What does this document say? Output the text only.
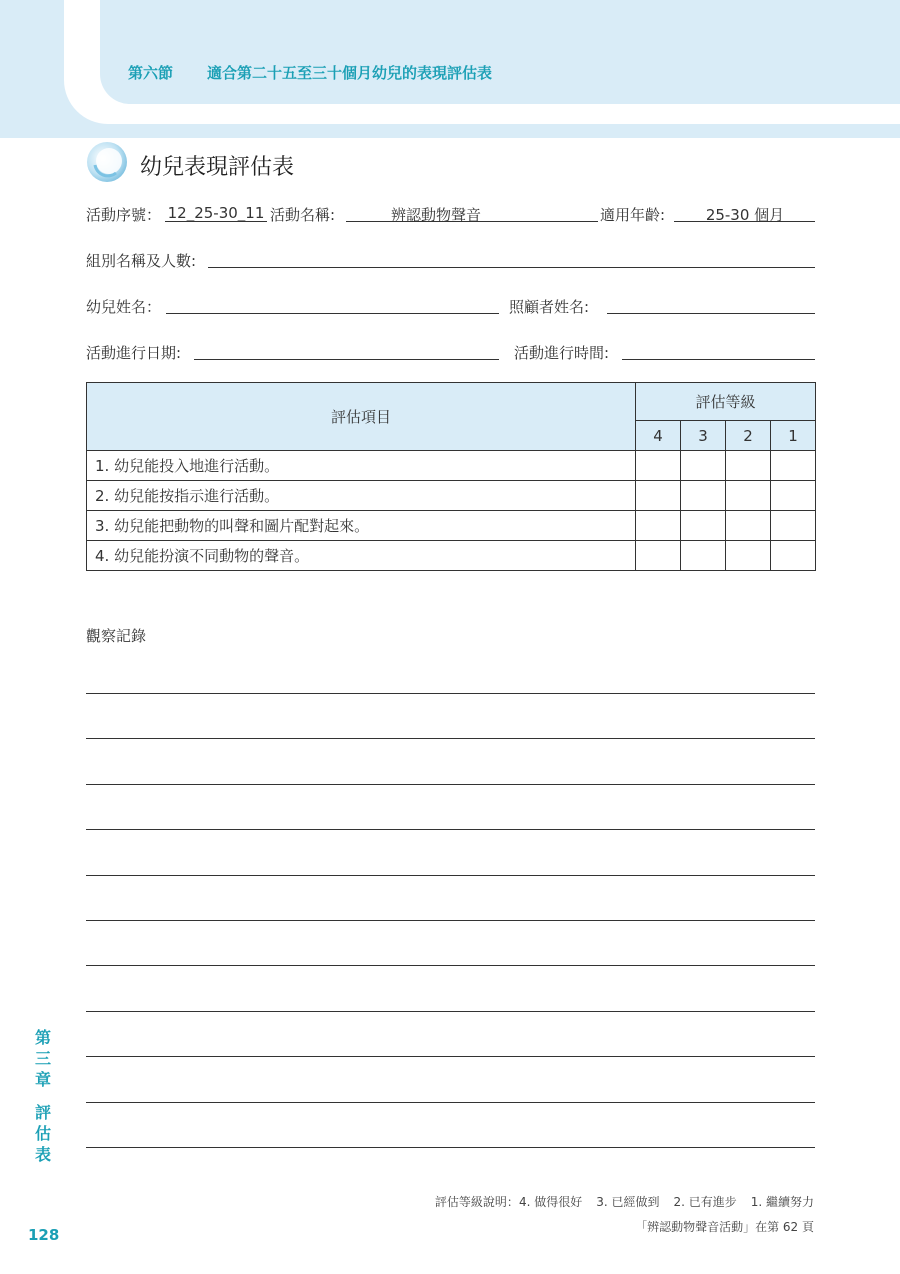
第六節 適合第二十五至三十個月幼兒的表現評估表
幼兒表現評估表
活動序號： 12_25-30_11 活動名稱:	辨認動物聲音	適用年齡:	25-30 個月
組別名稱及人數:
幼兒姓名：	照顧者姓名:
活動進行日期:	活動進行時間:
評估項目	評估等級			
	4	3	2	1
1. 幼兒能投入地進行活動。				
2. 幼兒能按指示進行活動。				
3. 幼兒能把動物的叫聲和圖片配對起來。				
4. 幼兒能扮演不同動物的聲音。				
觀察記錄
第
三
章
評
估
表
評估等級說明：4. 做得很好 3. 已經做到 2. 已有進步 1. 繼續努力
「辨認動物聲音活動」在第 62 頁
128
